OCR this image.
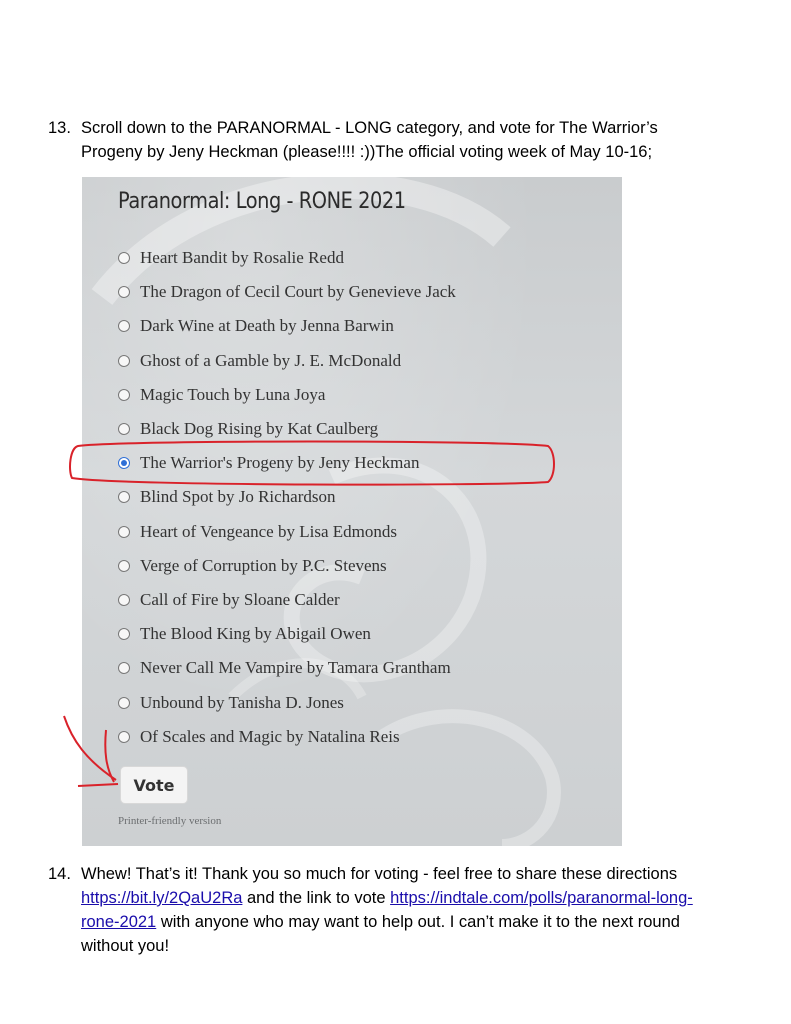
13. Scroll down to the PARANORMAL - LONG category, and vote for The Warrior’s
Progeny by Jeny Heckman (please!!!! :))The official voting week of May 10-16;
Paranormal: Long - RONE 2021
Heart Bandit by Rosalie Redd
The Dragon of Cecil Court by Genevieve Jack
Dark Wine at Death by Jenna Barwin
Ghost of a Gamble by J. E. McDonald
Magic Touch by Luna Joya
Black Dog Rising by Kat Caulberg
The Warrior's Progeny by Jeny Heckman
Blind Spot by Jo Richardson
Heart of Vengeance by Lisa Edmonds
Verge of Corruption by P.C. Stevens
Call of Fire by Sloane Calder
The Blood King by Abigail Owen
Never Call Me Vampire by Tamara Grantham
Unbound by Tanisha D. Jones
Of Scales and Magic by Natalina Reis
Vote
Printer-friendly version
14. Whew! That’s it! Thank you so much for voting - feel free to share these directions
https://bit.ly/2QaU2Ra and the link to vote https://indtale.com/polls/paranormal-long-
rone-2021 with anyone who may want to help out. I can’t make it to the next round
without you!
